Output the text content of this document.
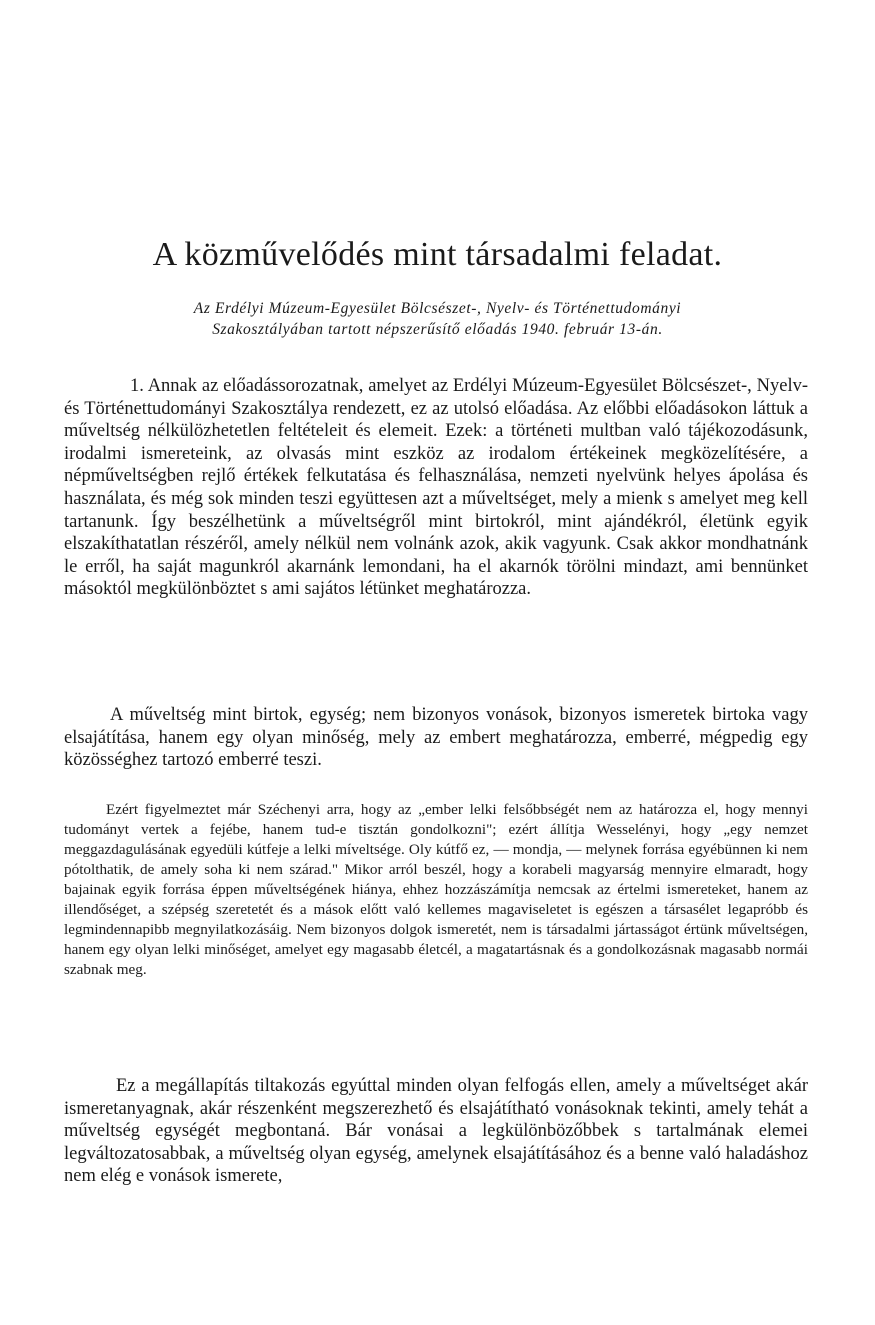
A közművelődés mint társadalmi feladat.

Az Erdélyi Múzeum-Egyesület Bölcsészet-, Nyelv- és Történettudományi
Szakosztályában tartott népszerűsítő előadás 1940. február 13-án.

1. Annak az előadássorozatnak, amelyet az Erdélyi Múzeum-Egyesület Bölcsészet-, Nyelv- és Történettudományi Szakosztálya rendezett, ez az utolsó előadása. Az előbbi előadásokon láttuk a műveltség nélkülözhetetlen feltételeit és elemeit. Ezek: a történeti multban való tájékozodásunk, irodalmi ismereteink, az olvasás mint eszköz az irodalom értékeinek megközelítésére, a népműveltségben rejlő értékek felkutatása és felhasználása, nemzeti nyelvünk helyes ápolása és használata, és még sok minden teszi együttesen azt a műveltséget, mely a mienk s amelyet meg kell tartanunk. Így beszélhetünk a műveltségről mint birtokról, mint ajándékról, életünk egyik elszakíthatatlan részéről, amely nélkül nem volnánk azok, akik vagyunk. Csak akkor mondhatnánk le erről, ha saját magunkról akarnánk lemondani, ha el akarnók törölni mindazt, ami bennünket másoktól megkülönböztet s ami sajátos létünket meghatározza.

A műveltség mint birtok, egység; nem bizonyos vonások, bizonyos ismeretek birtoka vagy elsajátítása, hanem egy olyan minőség, mely az embert meghatározza, emberré, mégpedig egy közösséghez tartozó emberré teszi.

Ezért figyelmeztet már Széchenyi arra, hogy az „ember lelki felsőbbségét nem az határozza el, hogy mennyi tudományt vertek a fejébe, hanem tud-e tisztán gondolkozni"; ezért állítja Wesselényi, hogy „egy nemzet meggazdagulásának egyedüli kútfeje a lelki míveltsége. Oly kútfő ez, — mondja, — melynek forrása egyébünnen ki nem pótolthatik, de amely soha ki nem szárad." Mikor arról beszél, hogy a korabeli magyarság mennyire elmaradt, hogy bajainak egyik forrása éppen műveltségének hiánya, ehhez hozzászámítja nemcsak az értelmi ismereteket, hanem az illendőséget, a szépség szeretetét és a mások előtt való kellemes magaviseletet is egészen a társasélet legapróbb és legmindennapibb megnyilatkozásáig. Nem bizonyos dolgok ismeretét, nem is társadalmi jártasságot értünk műveltségen, hanem egy olyan lelki minőséget, amelyet egy magasabb életcél, a magatartásnak és a gondolkozásnak magasabb normái szabnak meg.

Ez a megállapítás tiltakozás egyúttal minden olyan felfogás ellen, amely a műveltséget akár ismeretanyagnak, akár részenként megszerezhető és elsajátítható vonásoknak tekinti, amely tehát a műveltség egységét megbontaná. Bár vonásai a legkülönbözőbbek s tartalmának elemei legváltozatosabbak, a műveltség olyan egység, amelynek elsajátításához és a benne való haladáshoz nem elég e vonások ismerete,
